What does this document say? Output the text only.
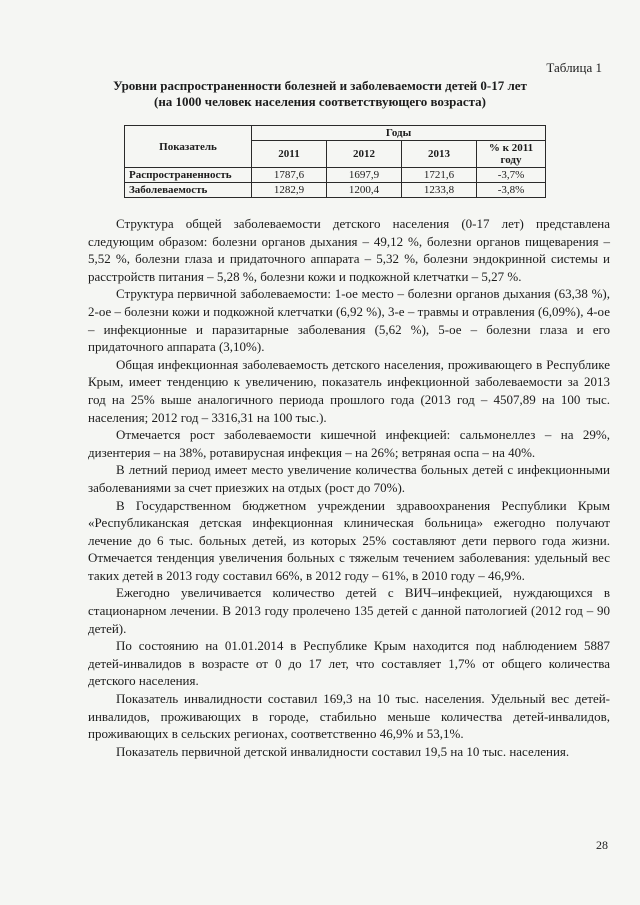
Таблица 1
Уровни распространенности болезней и заболеваемости детей 0-17 лет
(на 1000 человек населения соответствующего возраста)
Показатель	Годы			
	2011	2012	2013	% к 2011 году
Распространенность	1787,6	1697,9	1721,6	-3,7%
Заболеваемость	1282,9	1200,4	1233,8	-3,8%

Структура общей заболеваемости детского населения (0-17 лет) представлена следующим образом: болезни органов дыхания – 49,12 %, болезни органов пищеварения – 5,52 %, болезни глаза и придаточного аппарата – 5,32 %, болезни эндокринной системы и расстройств питания – 5,28 %, болезни кожи и подкожной клетчатки – 5,27 %.

Структура первичной заболеваемости: 1-ое место – болезни органов дыхания (63,38 %), 2-ое – болезни кожи и подкожной клетчатки (6,92 %), 3-е – травмы и отравления (6,09%), 4-ое – инфекционные и паразитарные заболевания (5,62 %), 5-ое – болезни глаза и его придаточного аппарата (3,10%).

Общая инфекционная заболеваемость детского населения, проживающего в Республике Крым, имеет тенденцию к увеличению, показатель инфекционной заболеваемости за 2013 год на 25% выше аналогичного периода прошлого года (2013 год – 4507,89 на 100 тыс. населения; 2012 год – 3316,31 на 100 тыс.).

Отмечается рост заболеваемости кишечной инфекцией: сальмонеллез – на 29%, дизентерия – на 38%, ротавирусная инфекция – на 26%; ветряная оспа – на 40%.

В летний период имеет место увеличение количества больных детей с инфекционными заболеваниями за счет приезжих на отдых (рост до 70%).

В Государственном бюджетном учреждении здравоохранения Республики Крым «Республиканская детская инфекционная клиническая больница» ежегодно получают лечение до 6 тыс. больных детей, из которых 25% составляют дети первого года жизни. Отмечается тенденция увеличения больных с тяжелым течением заболевания: удельный вес таких детей в 2013 году составил 66%, в 2012 году – 61%, в 2010 году – 46,9%.

Ежегодно увеличивается количество детей с ВИЧ–инфекцией, нуждающихся в стационарном лечении. В 2013 году пролечено 135 детей с данной патологией (2012 год – 90 детей).

По состоянию на 01.01.2014 в Республике Крым находится под наблюдением 5887 детей-инвалидов в возрасте от 0 до 17 лет, что составляет 1,7% от общего количества детского населения.

Показатель инвалидности составил 169,3 на 10 тыс. населения. Удельный вес детей-инвалидов, проживающих в городе, стабильно меньше количества детей-инвалидов, проживающих в сельских регионах, соответственно 46,9% и 53,1%.

Показатель первичной детской инвалидности составил 19,5 на 10 тыс. населения.

28
